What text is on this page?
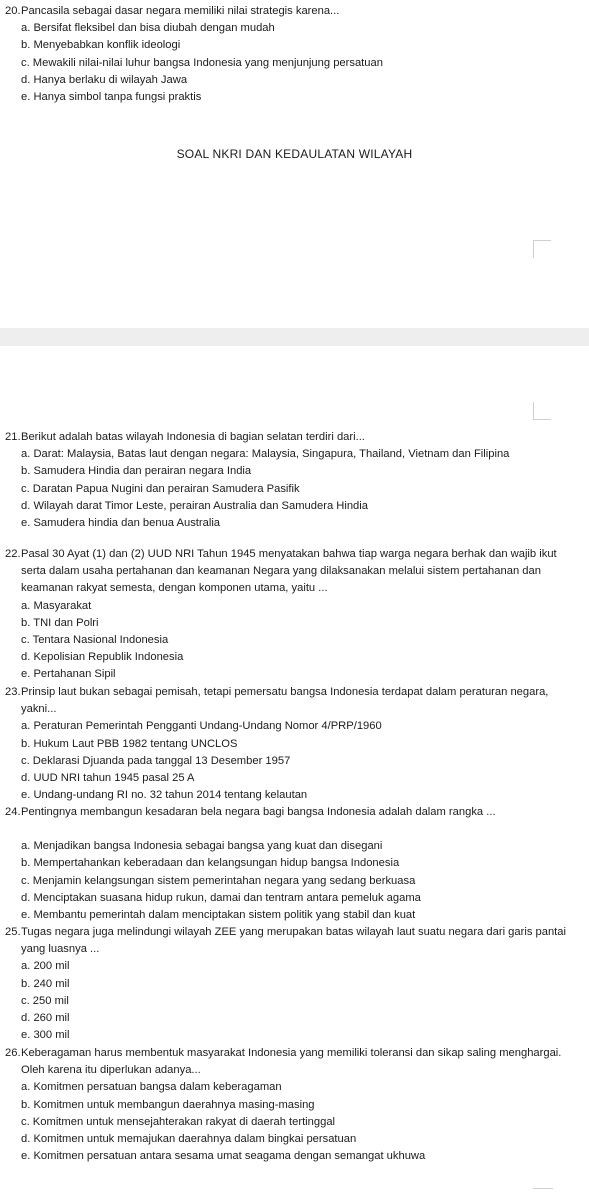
20. Pancasila sebagai dasar negara memiliki nilai strategis karena...
a. Bersifat fleksibel dan bisa diubah dengan mudah
b. Menyebabkan konflik ideologi
c. Mewakili nilai-nilai luhur bangsa Indonesia yang menjunjung persatuan
d. Hanya berlaku di wilayah Jawa
e. Hanya simbol tanpa fungsi praktis
SOAL NKRI DAN KEDAULATAN WILAYAH
21. Berikut adalah batas wilayah Indonesia di bagian selatan terdiri dari...
a. Darat: Malaysia, Batas laut dengan negara: Malaysia, Singapura, Thailand, Vietnam dan Filipina
b. Samudera Hindia dan perairan negara India
c. Daratan Papua Nugini dan perairan Samudera Pasifik
d. Wilayah darat Timor Leste, perairan Australia dan Samudera Hindia
e. Samudera hindia dan benua Australia
22. Pasal 30 Ayat (1) dan (2) UUD NRI Tahun 1945 menyatakan bahwa tiap warga negara berhak dan wajib ikut serta dalam usaha pertahanan dan keamanan Negara yang dilaksanakan melalui sistem pertahanan dan keamanan rakyat semesta, dengan komponen utama, yaitu ...
a. Masyarakat
b. TNI dan Polri
c. Tentara Nasional Indonesia
d. Kepolisian Republik Indonesia
e. Pertahanan Sipil
23. Prinsip laut bukan sebagai pemisah, tetapi pemersatu bangsa Indonesia terdapat dalam peraturan negara, yakni...
a. Peraturan Pemerintah Pengganti Undang-Undang Nomor 4/PRP/1960
b. Hukum Laut PBB 1982 tentang UNCLOS
c. Deklarasi Djuanda pada tanggal 13 Desember 1957
d. UUD NRI tahun 1945 pasal 25 A
e. Undang-undang RI no. 32 tahun 2014 tentang kelautan
24. Pentingnya membangun kesadaran bela negara bagi bangsa Indonesia adalah dalam rangka ...
a. Menjadikan bangsa Indonesia sebagai bangsa yang kuat dan disegani
b. Mempertahankan keberadaan dan kelangsungan hidup bangsa Indonesia
c. Menjamin kelangsungan sistem pemerintahan negara yang sedang berkuasa
d. Menciptakan suasana hidup rukun, damai dan tentram antara pemeluk agama
e. Membantu pemerintah dalam menciptakan sistem politik yang stabil dan kuat
25. Tugas negara juga melindungi wilayah ZEE yang merupakan batas wilayah laut suatu negara dari garis pantai yang luasnya ...
a. 200 mil
b. 240 mil
c. 250 mil
d. 260 mil
e. 300 mil
26. Keberagaman harus membentuk masyarakat Indonesia yang memiliki toleransi dan sikap saling menghargai. Oleh karena itu diperlukan adanya...
a. Komitmen persatuan bangsa dalam keberagaman
b. Komitmen untuk membangun daerahnya masing-masing
c. Komitmen untuk mensejahterakan rakyat di daerah tertinggal
d. Komitmen untuk memajukan daerahnya dalam bingkai persatuan
e. Komitmen persatuan antara sesama umat seagama dengan semangat ukhuwa
